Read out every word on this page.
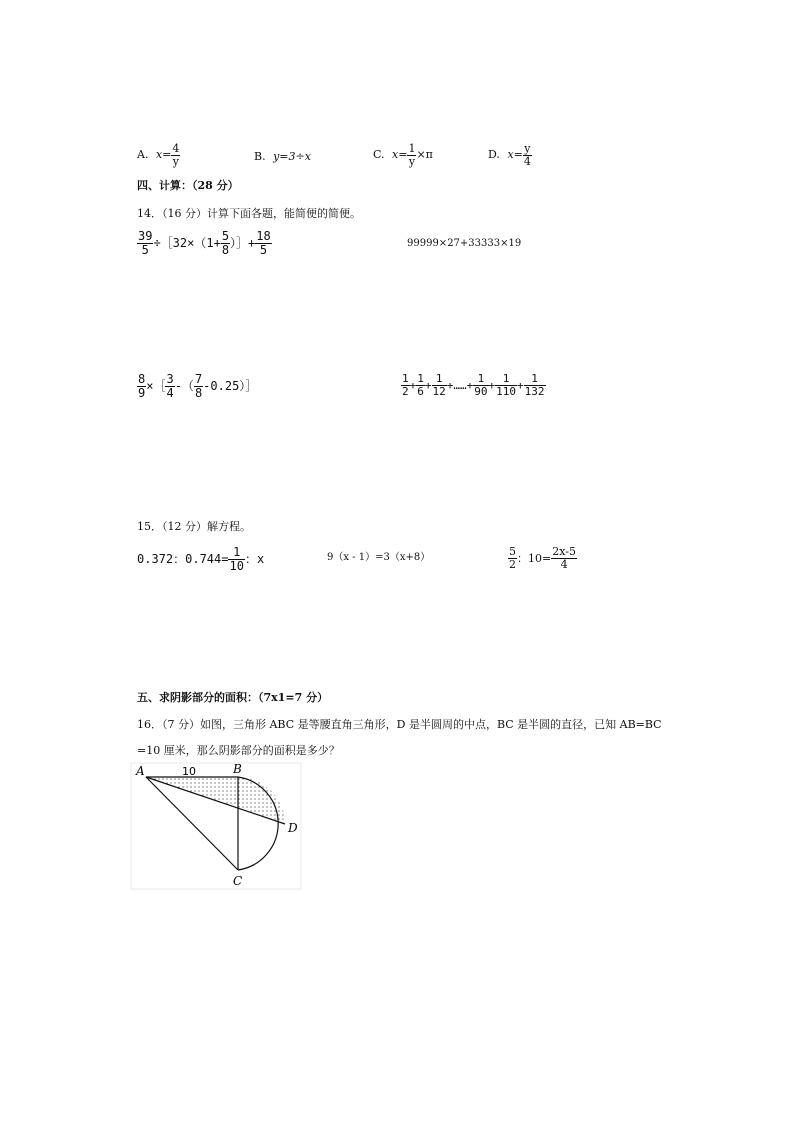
A. $x= \frac{4}{y}$	B. y=3÷x	C. $x= \frac{1}{y} \times\pi$	D. $x= \frac{y}{4}$
四、计算：（28 分）
14．（16 分）计算下面各题，能简便的简便。
$\frac{39}{5}$ ÷［32×（1+ $\frac{5}{8}$ ）］+ $\frac{18}{5}$	99999×27+33333×19
$\frac{8}{9}$ ×［ $\frac{3}{4}$ -（ $\frac{7}{8}$ -0.25）］	$\frac{1}{2} + \frac{1}{6} + \frac{1}{12}$ +……+ $\frac{1}{90} + \frac{1}{110} + \frac{1}{132}$
15．（12 分）解方程。
0.372：$0.744= \frac{1}{10}$ ：x	9（x - 1）=3（x+8）	$\frac{5}{2}$ ：$10= \frac{2x-5}{4}$
五、求阴影部分的面积：（7x1=7 分）
16．（7 分）如图，三角形 ABC 是等腰直角三角形，D 是半圆周的中点，BC 是半圆的直径，已知 AB=BC
=10 厘米，那么阴影部分的面积是多少？
A	B
C
D
10
